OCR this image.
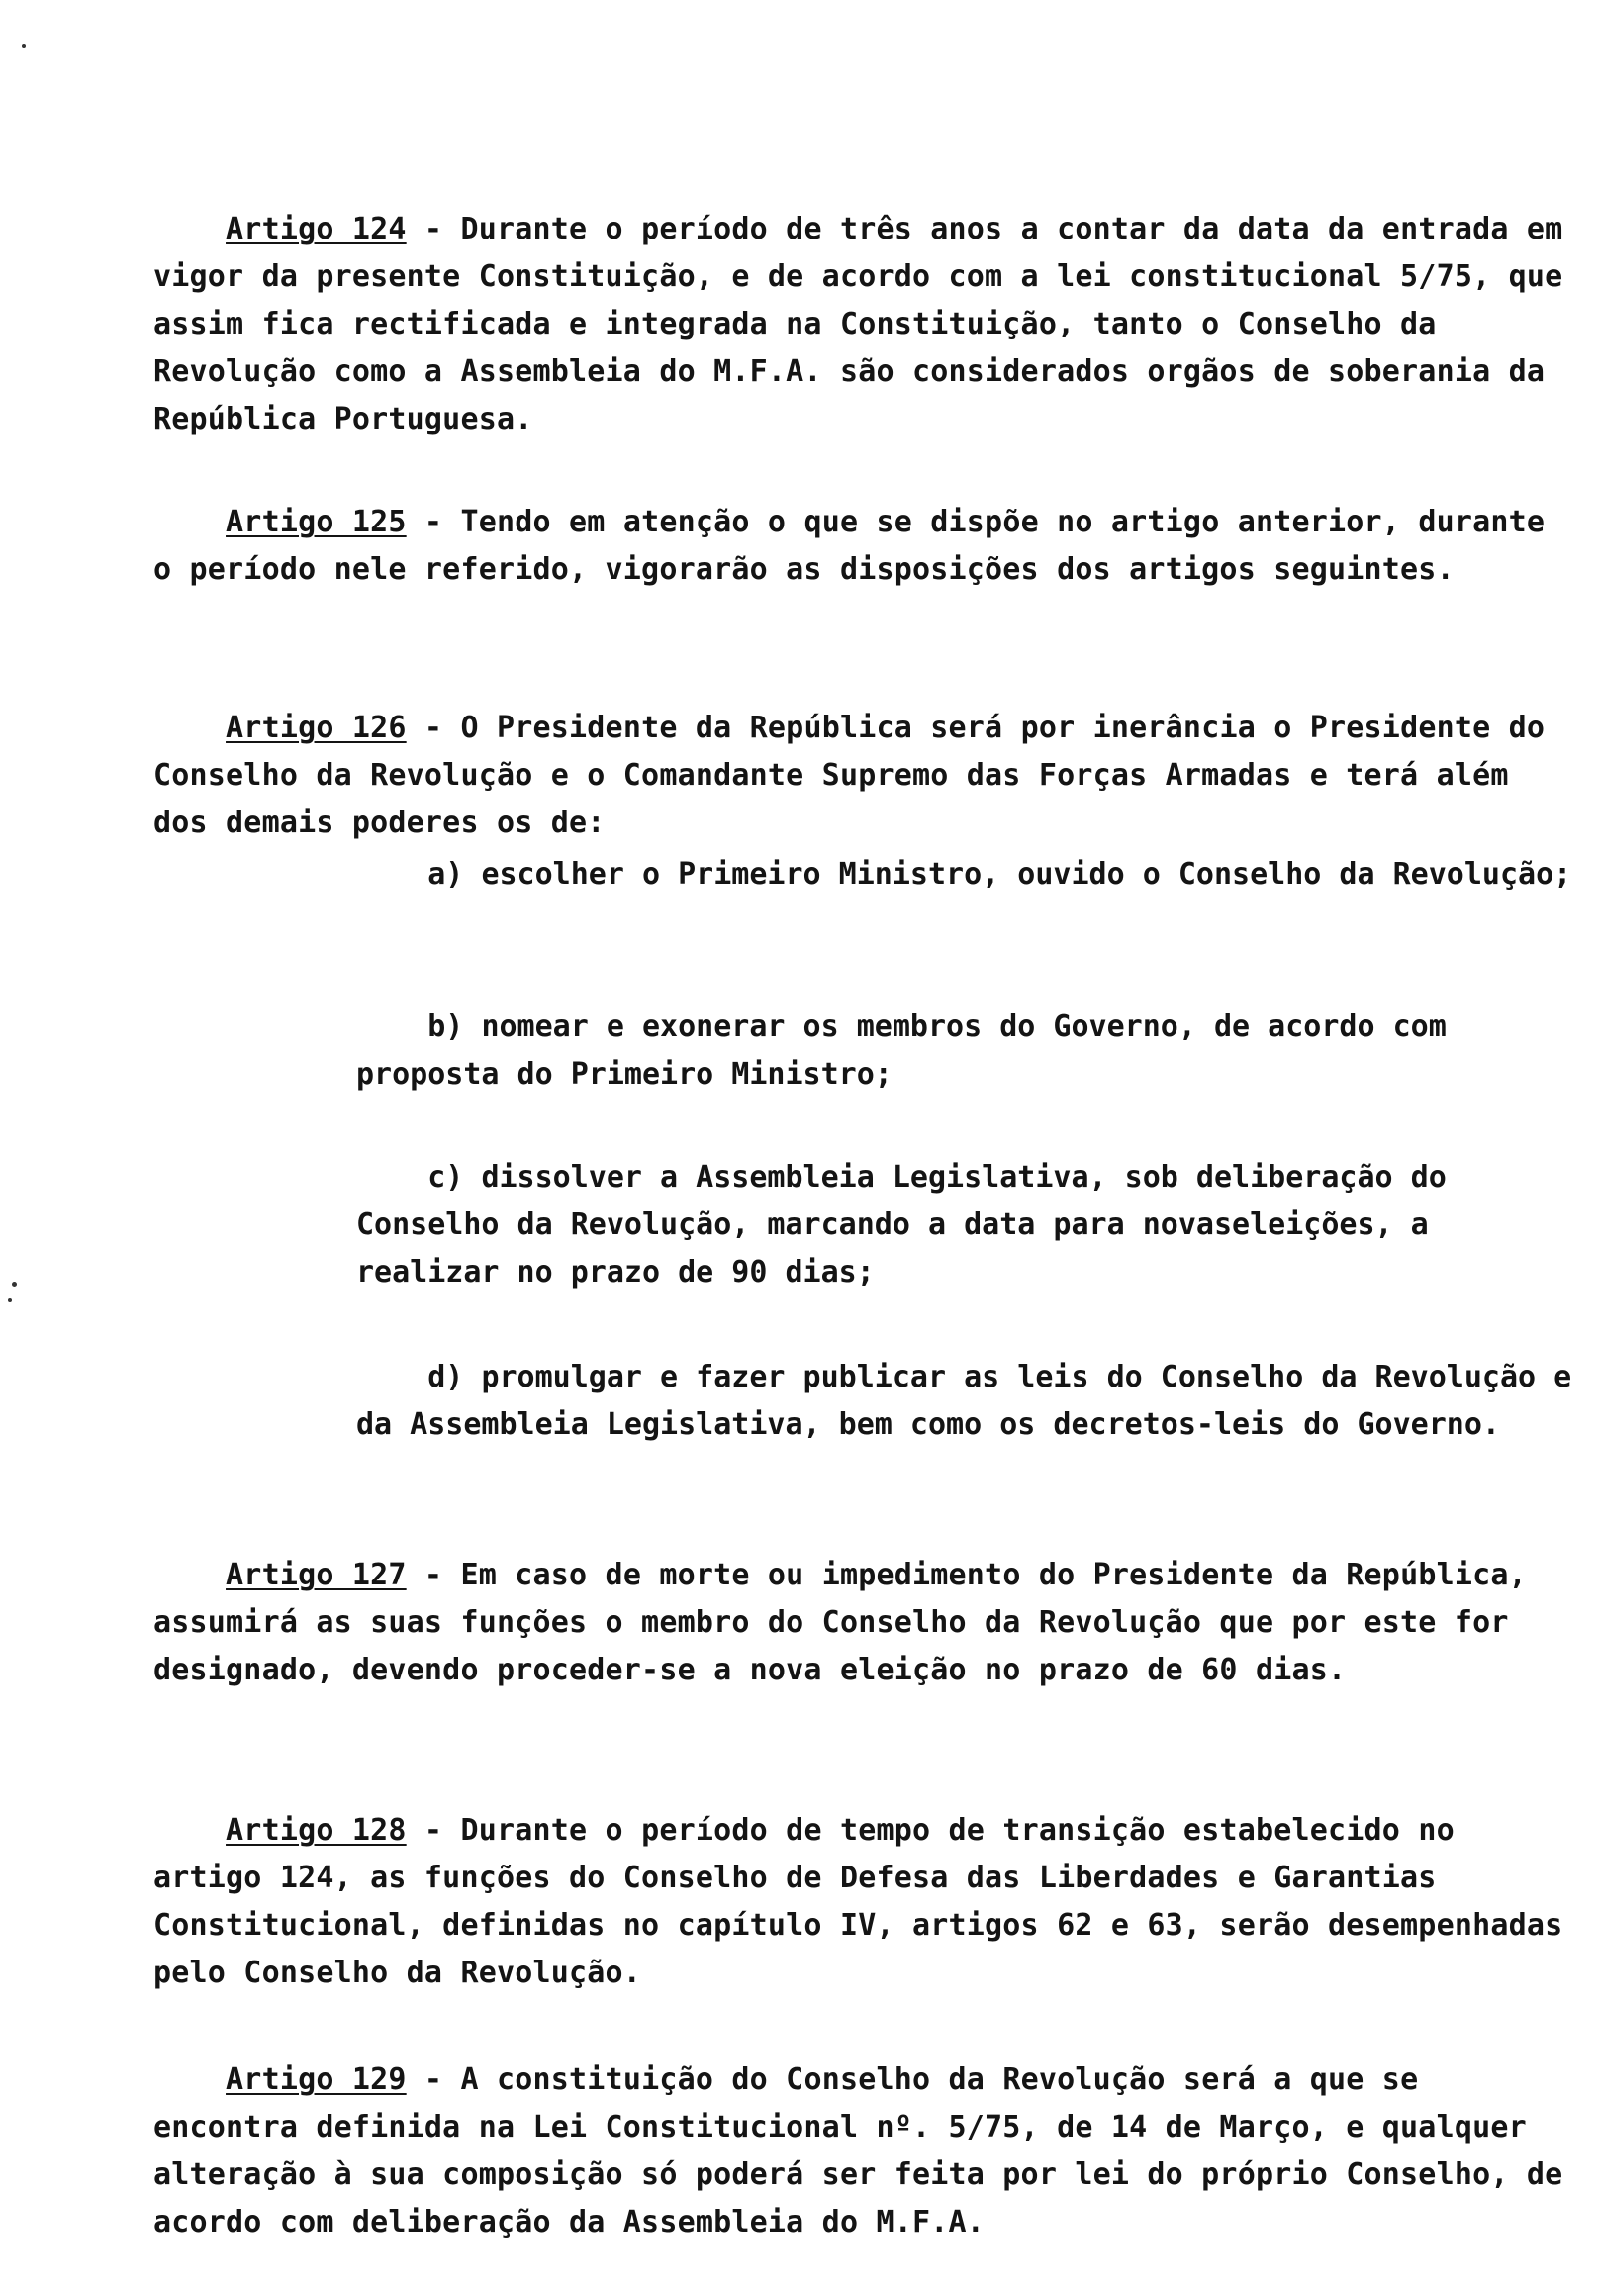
Artigo 124 - Durante o período de três anos a contar da data da entrada em vigor da presente Constituição, e de acordo com a lei constitucional 5/75, que assim fica rectificada e integrada na Constituição, tanto o Conselho da Revolução como a Assembleia do M.F.A. são considerados orgãos de soberania da República Portuguesa.

Artigo 125 - Tendo em atenção o que se dispõe no artigo anterior, durante o período nele referido, vigorarão as disposições dos artigos seguintes.

Artigo 126 - O Presidente da República será por inerância o Presidente do Conselho da Revolução e o Comandante Supremo das Forças Armadas e terá além dos demais poderes os de:

a) escolher o Primeiro Ministro, ouvido o Conselho da Revolução;

b) nomear e exonerar os membros do Governo, de acordo com proposta do Primeiro Ministro;

c) dissolver a Assembleia Legislativa, sob deliberação do Conselho da Revolução, marcando a data para novaseleições, a realizar no prazo de 90 dias;

d) promulgar e fazer publicar as leis do Conselho da Revolução e da Assembleia Legislativa, bem como os decretos-leis do Governo.

Artigo 127 - Em caso de morte ou impedimento do Presidente da República, assumirá as suas funções o membro do Conselho da Revolução que por este for designado, devendo proceder-se a nova eleição no prazo de 60 dias.

Artigo 128 - Durante o período de tempo de transição estabelecido no artigo 124, as funções do Conselho de Defesa das Liberdades e Garantias Constitucional, definidas no capítulo IV, artigos 62 e 63, serão desempenhadas pelo Conselho da Revolução.

Artigo 129 - A constituição do Conselho da Revolução será a que se encontra definida na Lei Constitucional nº. 5/75, de 14 de Março, e qualquer alteração à sua composição só poderá ser feita por lei do próprio Conselho, de acordo com deliberação da Assembleia do M.F.A.
